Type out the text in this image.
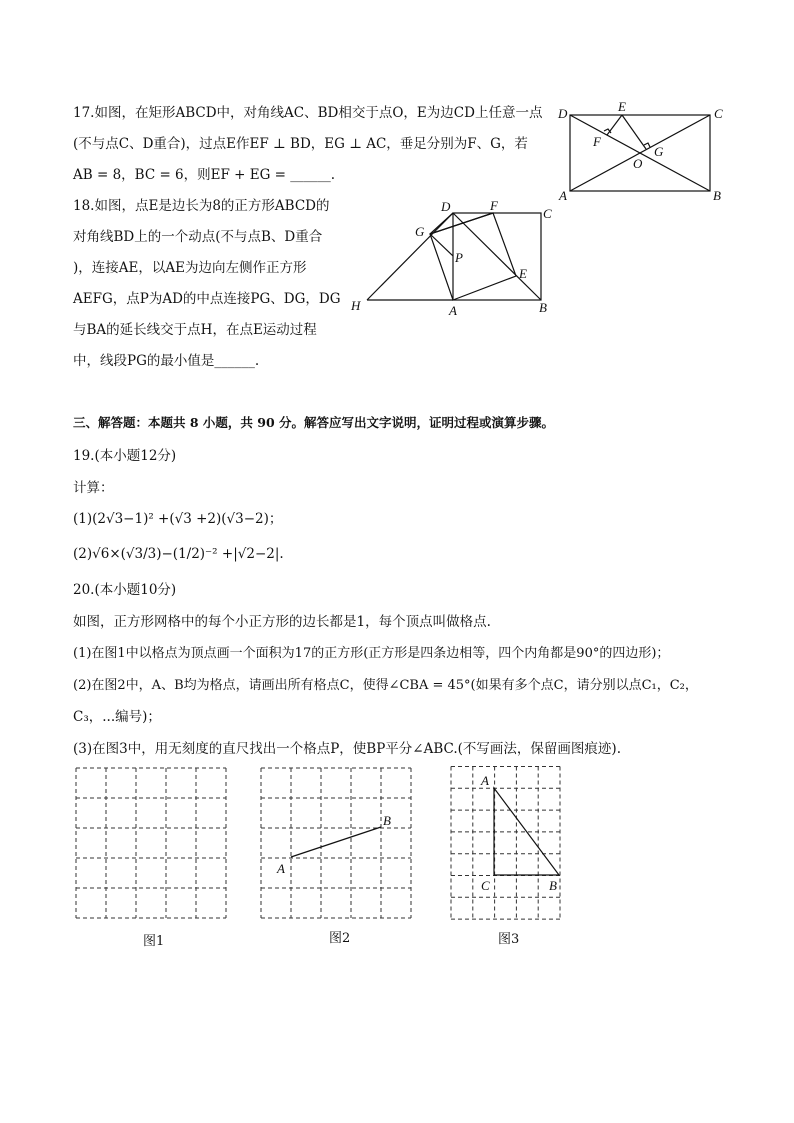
17.如图，在矩形ABCD中，对角线AC、BD相交于点O，E为边CD上任意一点
(不与点C、D重合)，过点E作EF ⊥ BD，EG ⊥ AC，垂足分别为F、G，若
AB = 8，BC = 6，则EF + EG = ______.
D	C
A	B
E
F
G
O
18.如图，点E是边长为8的正方形ABCD的
对角线BD上的一个动点(不与点B、D重合
)，连接AE，以AE为边向左侧作正方形
AEFG，点P为AD的中点连接PG、DG，DG
与BA的延长线交于点H，在点E运动过程
中，线段PG的最小值是______.
D	F
C
G
P
E
H	A	B
三、解答题：本题共 8 小题，共 90 分。解答应写出文字说明，证明过程或演算步骤。
19.(本小题12分)
计算：
(1)(2√3−1)² +(√3 +2)(√3−2)；
(2)√6×(√3/3)−(1/2)⁻² +|√2−2|.
20.(本小题10分)
如图，正方形网格中的每个小正方形的边长都是1，每个顶点叫做格点.
(1)在图1中以格点为顶点画一个面积为17的正方形(正方形是四条边相等，四个内角都是90°的四边形)；
(2)在图2中，A、B均为格点，请画出所有格点C，使得∠CBA = 45°(如果有多个点C，请分别以点C₁，C₂，
C₃，...编号)；
(3)在图3中，用无刻度的直尺找出一个格点P，使BP平分∠ABC.(不写画法，保留画图痕迹).
A
B
A
C	B
图1	图2	图3
